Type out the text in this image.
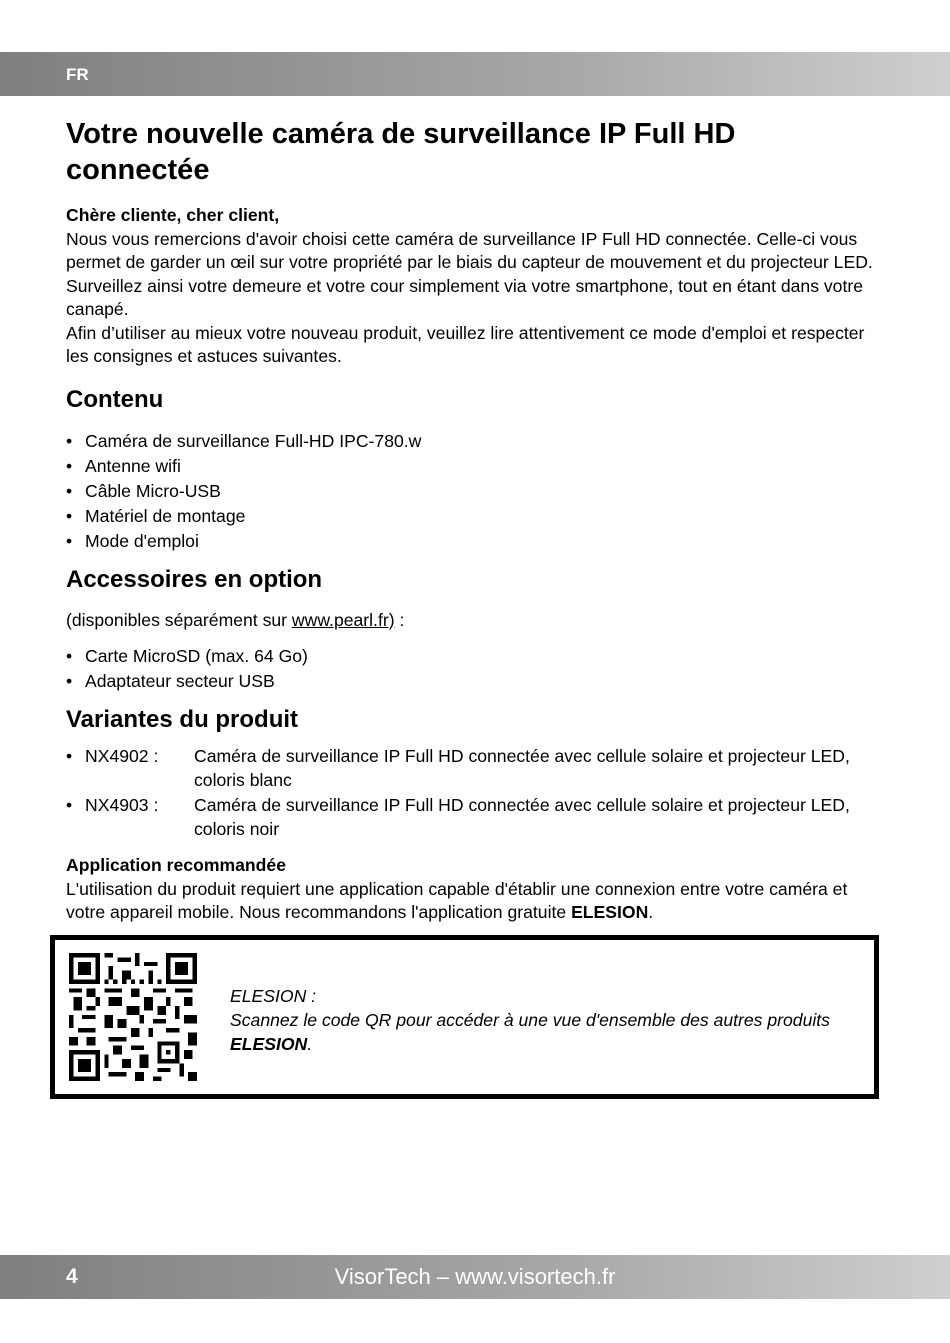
FR
Votre nouvelle caméra de surveillance IP Full HD connectée

Chère cliente, cher client,

Nous vous remercions d'avoir choisi cette caméra de surveillance IP Full HD connectée. Celle-ci vous permet de garder un œil sur votre propriété par le biais du capteur de mouvement et du projecteur LED. Surveillez ainsi votre demeure et votre cour simplement via votre smartphone, tout en étant dans votre canapé.

Afin d’utiliser au mieux votre nouveau produit, veuillez lire attentivement ce mode d'emploi et respecter les consignes et astuces suivantes.

Contenu
• Caméra de surveillance Full-HD IPC-780.w
• Antenne wifi
• Câble Micro-USB
• Matériel de montage
• Mode d'emploi
Accessoires en option

(disponibles séparément sur www.pearl.fr) :

• Carte MicroSD (max. 64 Go)
• Adaptateur secteur USB
Variantes du produit
• NX4902 : Caméra de surveillance IP Full HD connectée avec cellule solaire et projecteur LED, coloris blanc
• NX4903 : Caméra de surveillance IP Full HD connectée avec cellule solaire et projecteur LED, coloris noir

Application recommandée

L'utilisation du produit requiert une application capable d'établir une connexion entre votre caméra et votre appareil mobile. Nous recommandons l'application gratuite ELESION.

ELESION :
Scannez le code QR pour accéder à une vue d'ensemble des autres produits ELESION.
4	VisorTech – www.visortech.fr
